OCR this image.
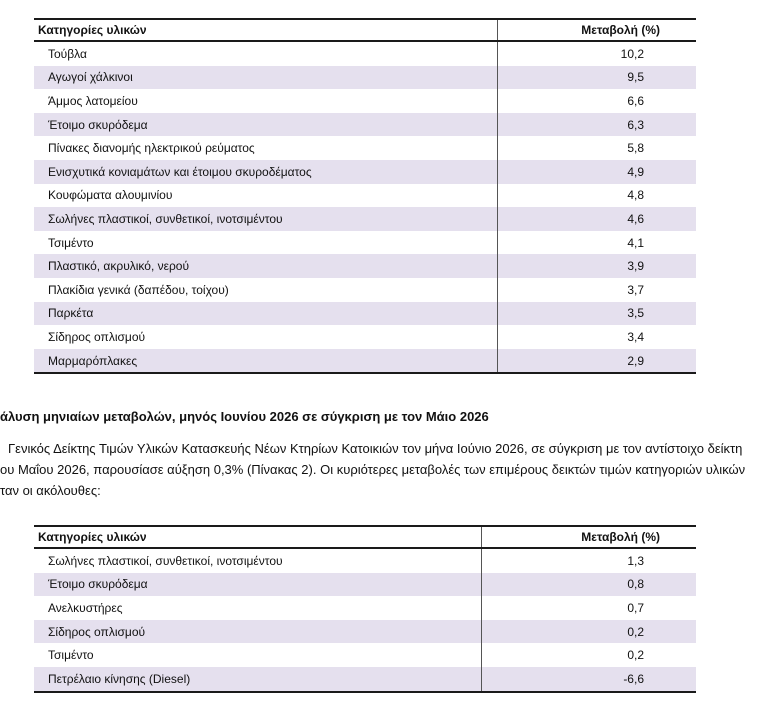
Κατηγορίες υλικών	Μεταβολή (%)
Τούβλα	10,2
Αγωγοί χάλκινοι	9,5
Άμμος λατομείου	6,6
Έτοιμο σκυρόδεμα	6,3
Πίνακες διανομής ηλεκτρικού ρεύματος	5,8
Ενισχυτικά κονιαμάτων και έτοιμου σκυροδέματος	4,9
Κουφώματα αλουμινίου	4,8
Σωλήνες πλαστικοί, συνθετικοί, ινοτσιμέντου	4,6
Τσιμέντο	4,1
Πλαστικό, ακρυλικό, νερού	3,9
Πλακίδια γενικά (δαπέδου, τοίχου)	3,7
Παρκέτα	3,5
Σίδηρος οπλισμού	3,4
Μαρμαρόπλακες	2,9
άλυση μηνιαίων μεταβολών, μηνός Ιουνίου 2026 σε σύγκριση με τον Μάιο 2026
Γενικός Δείκτης Τιμών Υλικών Κατασκευής Νέων Κτηρίων Κατοικιών τον μήνα Ιούνιο 2026, σε σύγκριση με τον αντίστοιχο δείκτη
ου Μαΐου 2026, παρουσίασε αύξηση 0,3% (Πίνακας 2). Οι κυριότερες μεταβολές των επιμέρους δεικτών τιμών κατηγοριών υλικών
ταν οι ακόλουθες:
Κατηγορίες υλικών	Μεταβολή (%)
Σωλήνες πλαστικοί, συνθετικοί, ινοτσιμέντου	1,3
Έτοιμο σκυρόδεμα	0,8
Ανελκυστήρες	0,7
Σίδηρος οπλισμού	0,2
Τσιμέντο	0,2
Πετρέλαιο κίνησης (Diesel)	-6,6
